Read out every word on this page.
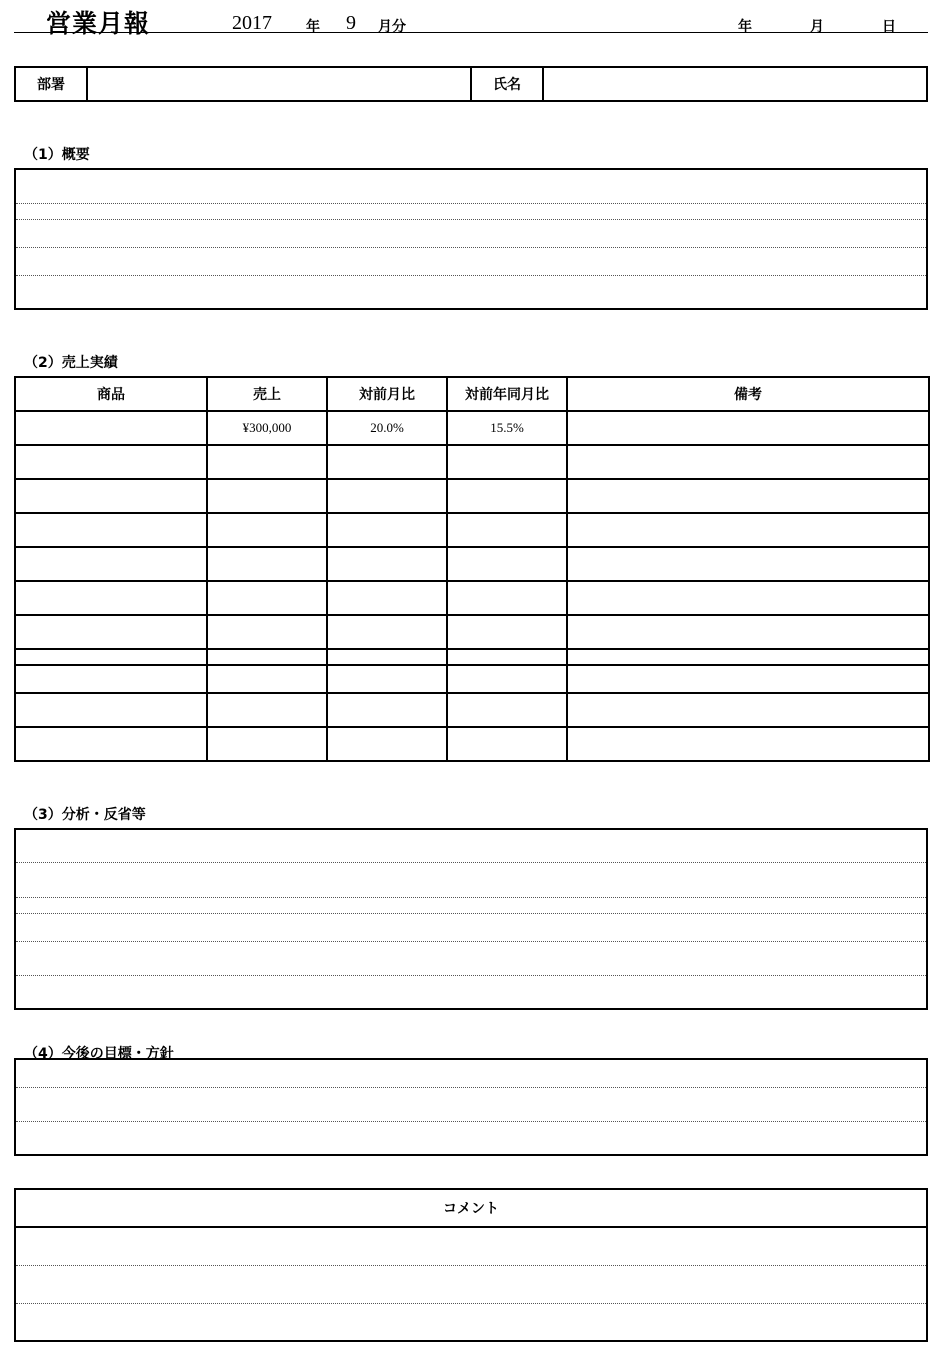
営業月報	2017 年 9 月分	年	月	日
部署	氏名
（1）概要
（2）売上実績
商品	売上	対前月比	対前年同月比	備考
	¥300,000	20.0%	15.5%	

（3）分析・反省等
（4）今後の目標・方針
コメント
